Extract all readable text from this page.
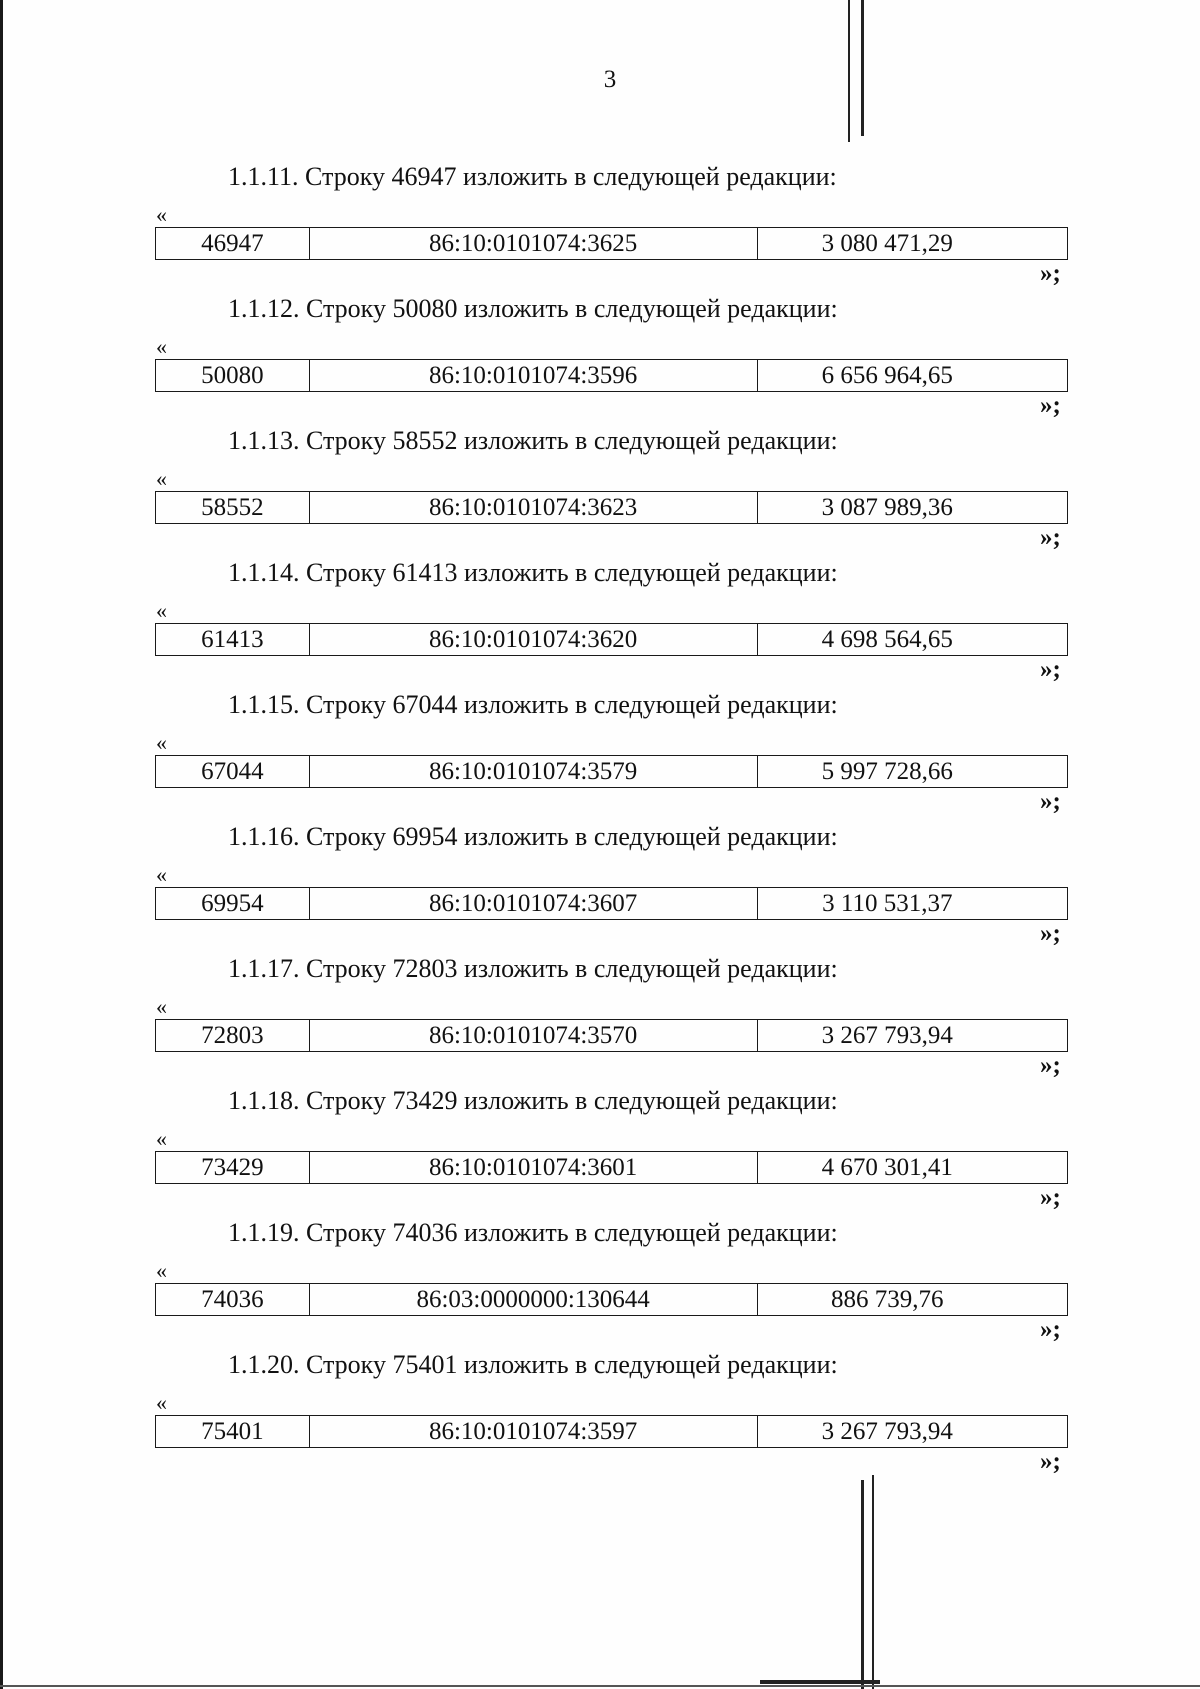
3
1.1.11. Строку 46947 изложить в следующей редакции:
«
46947	86:10:0101074:3625	3 080 471,29
»;
1.1.12. Строку 50080 изложить в следующей редакции:
«
50080	86:10:0101074:3596	6 656 964,65
»;
1.1.13. Строку 58552 изложить в следующей редакции:
«
58552	86:10:0101074:3623	3 087 989,36
»;
1.1.14. Строку 61413 изложить в следующей редакции:
«
61413	86:10:0101074:3620	4 698 564,65
»;
1.1.15. Строку 67044 изложить в следующей редакции:
«
67044	86:10:0101074:3579	5 997 728,66
»;
1.1.16. Строку 69954 изложить в следующей редакции:
«
69954	86:10:0101074:3607	3 110 531,37
»;
1.1.17. Строку 72803 изложить в следующей редакции:
«
72803	86:10:0101074:3570	3 267 793,94
»;
1.1.18. Строку 73429 изложить в следующей редакции:
«
73429	86:10:0101074:3601	4 670 301,41
»;
1.1.19. Строку 74036 изложить в следующей редакции:
«
74036	86:03:0000000:130644	886 739,76
»;
1.1.20. Строку 75401 изложить в следующей редакции:
«
75401	86:10:0101074:3597	3 267 793,94
»;
